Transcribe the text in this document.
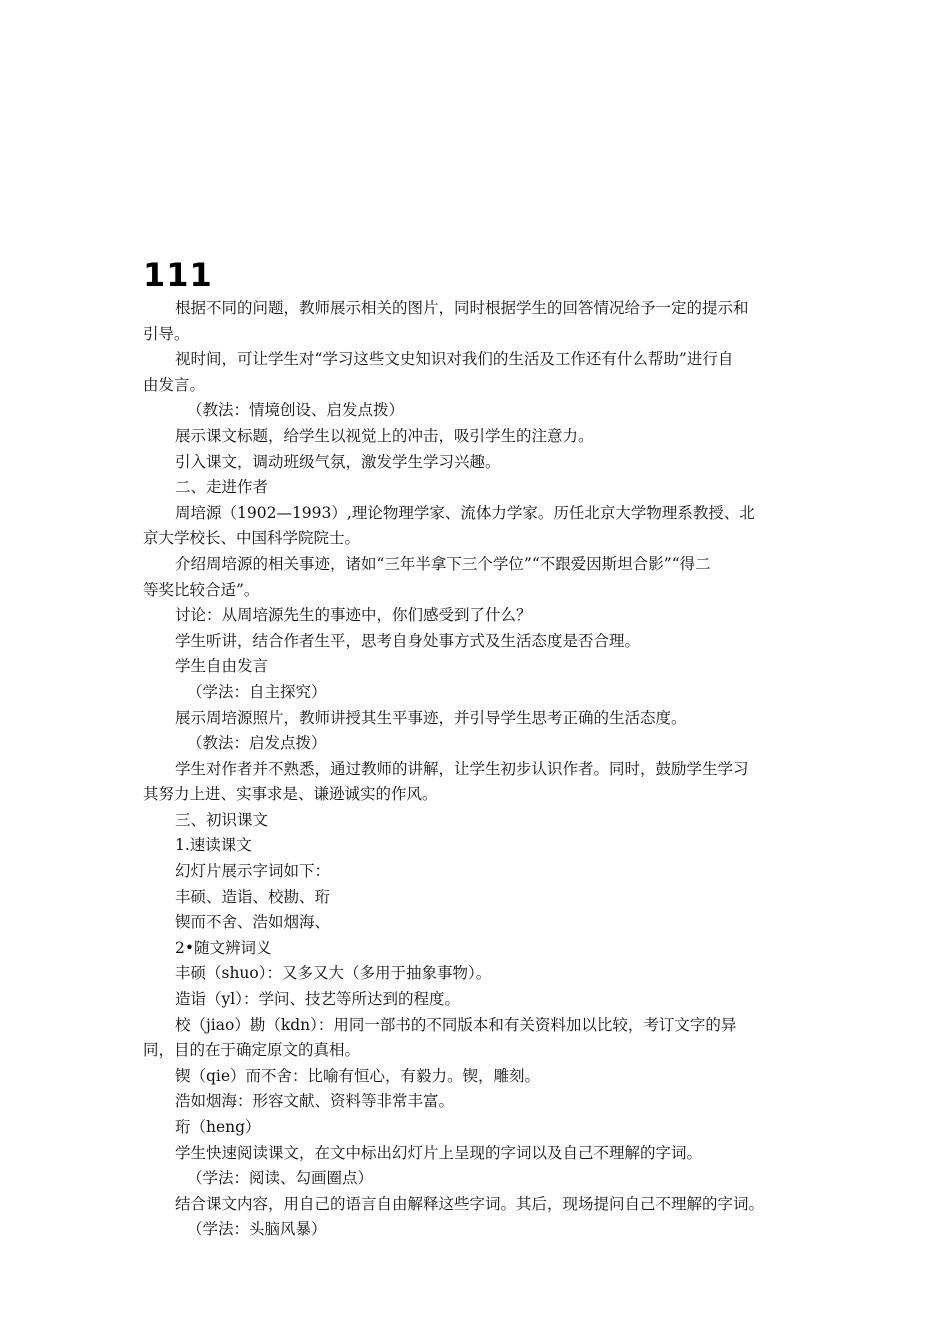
111

根据不同的问题，教师展示相关的图片，同时根据学生的回答情况给予一定的提示和

引导。

视时间，可让学生对“学习这些文史知识对我们的生活及工作还有什么帮助”进行自

由发言。

（教法：情境创设、启发点拨）

展示课文标题，给学生以视觉上的冲击，吸引学生的注意力。

引入课文，调动班级气氛，激发学生学习兴趣。

二、走进作者

周培源（1902—1993）,理论物理学家、流体力学家。历任北京大学物理系教授、北

京大学校长、中国科学院院士。

介绍周培源的相关事迹，诸如“三年半拿下三个学位”“不跟爱因斯坦合影”“得二

等奖比较合适”。

讨论：从周培源先生的事迹中，你们感受到了什么？

学生听讲，结合作者生平，思考自身处事方式及生活态度是否合理。

学生自由发言

（学法：自主探究）

展示周培源照片，教师讲授其生平事迹，并引导学生思考正确的生活态度。

（教法：启发点拨）

学生对作者并不熟悉，通过教师的讲解，让学生初步认识作者。同时，鼓励学生学习

其努力上进、实事求是、谦逊诚实的作风。

三、初识课文

1.速读课文

幻灯片展示字词如下：

丰硕、造诣、校勘、珩

锲而不舍、浩如烟海、

2•随文辨词义

丰硕（shuo）：又多又大（多用于抽象事物）。

造诣（yl）：学问、技艺等所达到的程度。

校（jiao）勘（kdn）：用同一部书的不同版本和有关资料加以比较，考订文字的异

同，目的在于确定原文的真相。

锲（qie）而不舍：比喻有恒心，有毅力。锲，雕刻。

浩如烟海：形容文献、资料等非常丰富。

珩（heng）

学生快速阅读课文，在文中标出幻灯片上呈现的字词以及自己不理解的字词。

（学法：阅读、勾画圈点）

结合课文内容，用自己的语言自由解释这些字词。其后，现场提问自己不理解的字词。

（学法：头脑风暴）
